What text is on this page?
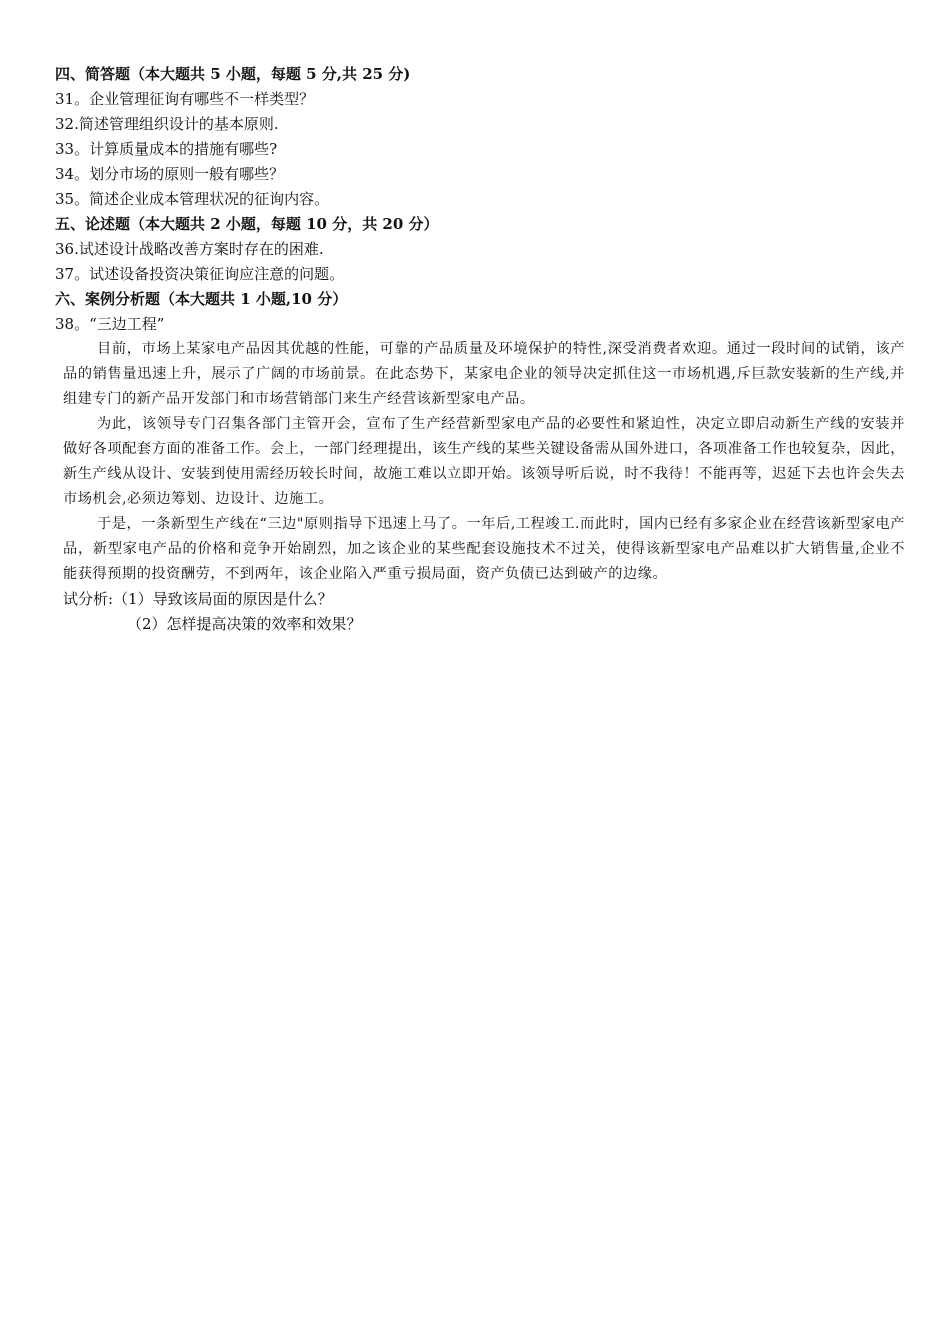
四、简答题（本大题共 5 小题，每题 5 分,共 25 分)
31。企业管理征询有哪些不一样类型？
32.简述管理组织设计的基本原则.
33。计算质量成本的措施有哪些?
34。划分市场的原则一般有哪些？
35。简述企业成本管理状况的征询内容。
五、论述题（本大题共 2 小题，每题 10 分，共 20 分）
36.试述设计战略改善方案时存在的困难.
37。试述设备投资决策征询应注意的问题。
六、案例分析题（本大题共 1 小题,10 分）
38。“三边工程”

目前，市场上某家电产品因其优越的性能，可靠的产品质量及环境保护的特性,深受消费者欢迎。通过一段时间的试销，该产品的销售量迅速上升，展示了广阔的市场前景。在此态势下，某家电企业的领导决定抓住这一市场机遇,斥巨款安装新的生产线,并组建专门的新产品开发部门和市场营销部门来生产经营该新型家电产品。

为此，该领导专门召集各部门主管开会，宣布了生产经营新型家电产品的必要性和紧迫性，决定立即启动新生产线的安装并做好各项配套方面的准备工作。会上，一部门经理提出，该生产线的某些关键设备需从国外进口，各项准备工作也较复杂，因此，新生产线从设计、安装到使用需经历较长时间，故施工难以立即开始。该领导听后说，时不我待！不能再等，迟延下去也许会失去市场机会,必须边筹划、边设计、边施工。

于是，一条新型生产线在“三边"原则指导下迅速上马了。一年后,工程竣工.而此时，国内已经有多家企业在经营该新型家电产品，新型家电产品的价格和竞争开始剧烈，加之该企业的某些配套设施技术不过关，使得该新型家电产品难以扩大销售量,企业不能获得预期的投资酬劳，不到两年，该企业陷入严重亏损局面，资产负债已达到破产的边缘。

试分析:（1）导致该局面的原因是什么？
（2）怎样提高决策的效率和效果？
